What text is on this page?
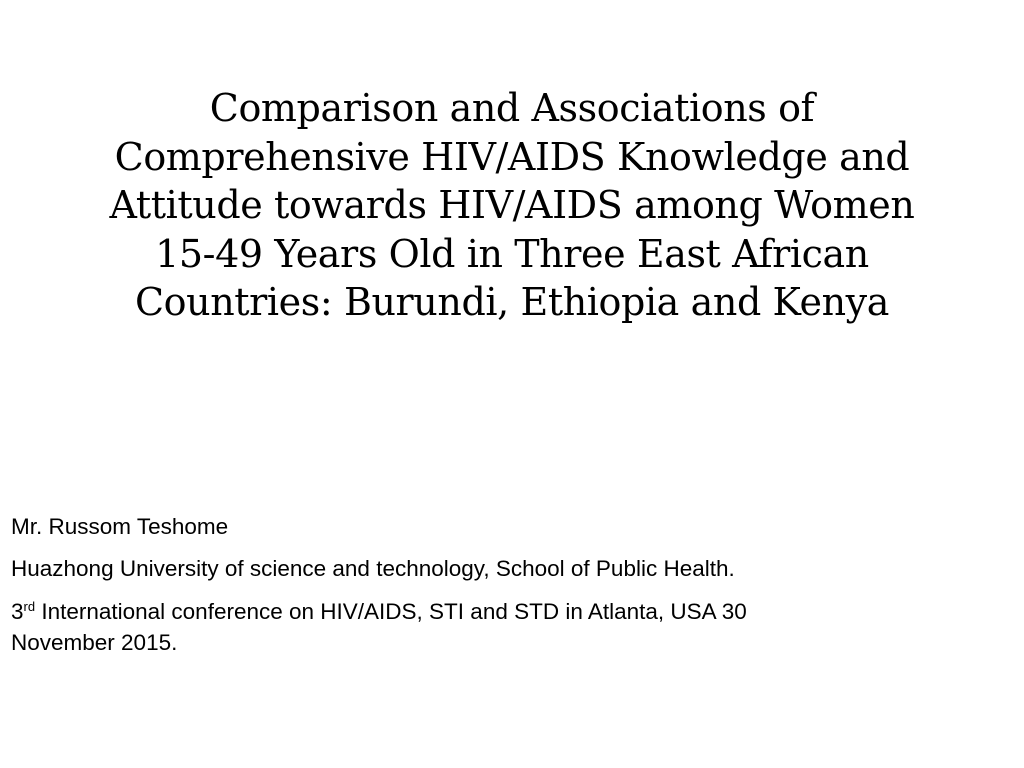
Comparison and Associations of
Comprehensive HIV/AIDS Knowledge and
Attitude towards HIV/AIDS among Women
15-49 Years Old in Three East African
Countries: Burundi, Ethiopia and Kenya

Mr. Russom Teshome

Huazhong University of science and technology, School of Public Health.

3rd International conference on HIV/AIDS, STI and STD in Atlanta, USA 30
November 2015.
